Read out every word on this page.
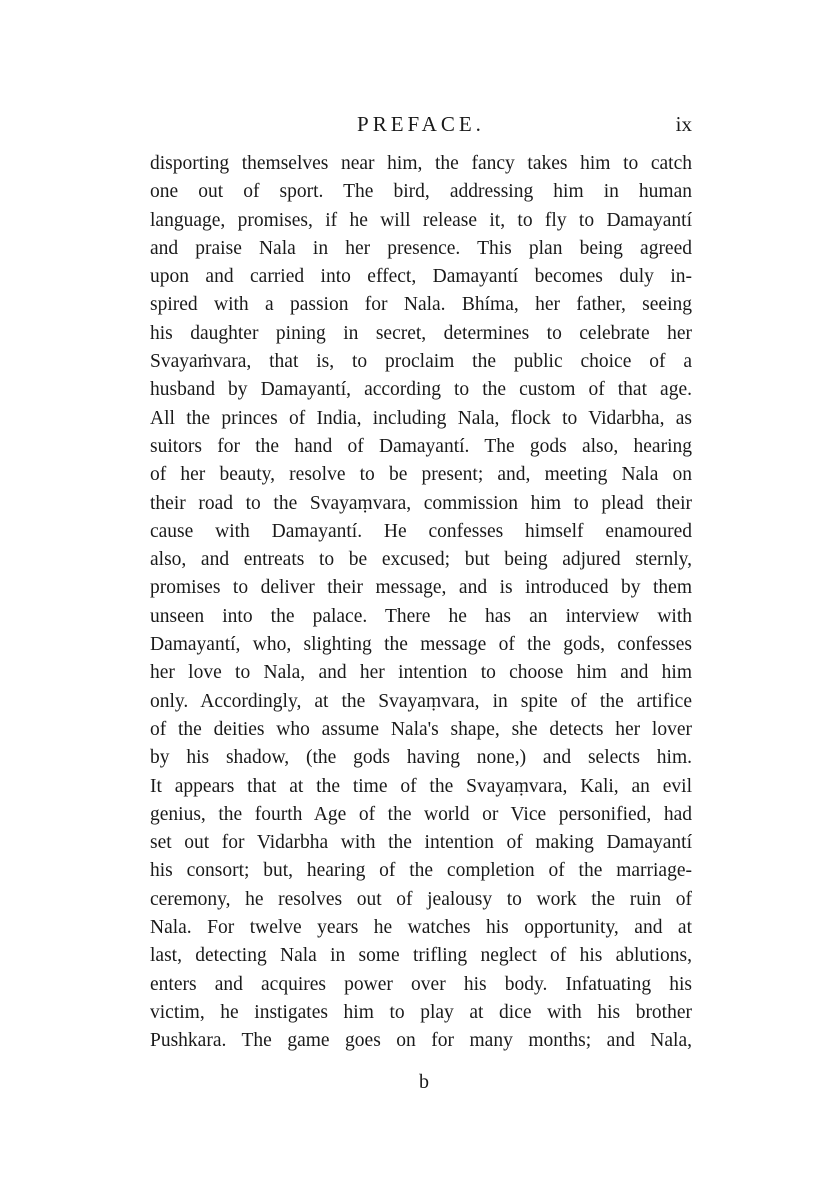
PREFACE.	ix
disporting themselves near him, the fancy takes him to catch
one out of sport. The bird, addressing him in human
language, promises, if he will release it, to fly to Damayantí
and praise Nala in her presence. This plan being agreed
upon and carried into effect, Damayantí becomes duly in-
spired with a passion for Nala. Bhíma, her father, seeing
his daughter pining in secret, determines to celebrate her
Svayaṁvara, that is, to proclaim the public choice of a
husband by Damayantí, according to the custom of that age.
All the princes of India, including Nala, flock to Vidarbha, as
suitors for the hand of Damayantí. The gods also, hearing
of her beauty, resolve to be present; and, meeting Nala on
their road to the Svayaṃvara, commission him to plead their
cause with Damayantí. He confesses himself enamoured
also, and entreats to be excused; but being adjured sternly,
promises to deliver their message, and is introduced by them
unseen into the palace. There he has an interview with
Damayantí, who, slighting the message of the gods, confesses
her love to Nala, and her intention to choose him and him
only. Accordingly, at the Svayaṃvara, in spite of the artifice
of the deities who assume Nala's shape, she detects her lover
by his shadow, (the gods having none,) and selects him.
It appears that at the time of the Svayaṃvara, Kali, an evil
genius, the fourth Age of the world or Vice personified, had
set out for Vidarbha with the intention of making Damayantí
his consort; but, hearing of the completion of the marriage-
ceremony, he resolves out of jealousy to work the ruin of
Nala. For twelve years he watches his opportunity, and at
last, detecting Nala in some trifling neglect of his ablutions,
enters and acquires power over his body. Infatuating his
victim, he instigates him to play at dice with his brother
Pushkara. The game goes on for many months; and Nala,
b
